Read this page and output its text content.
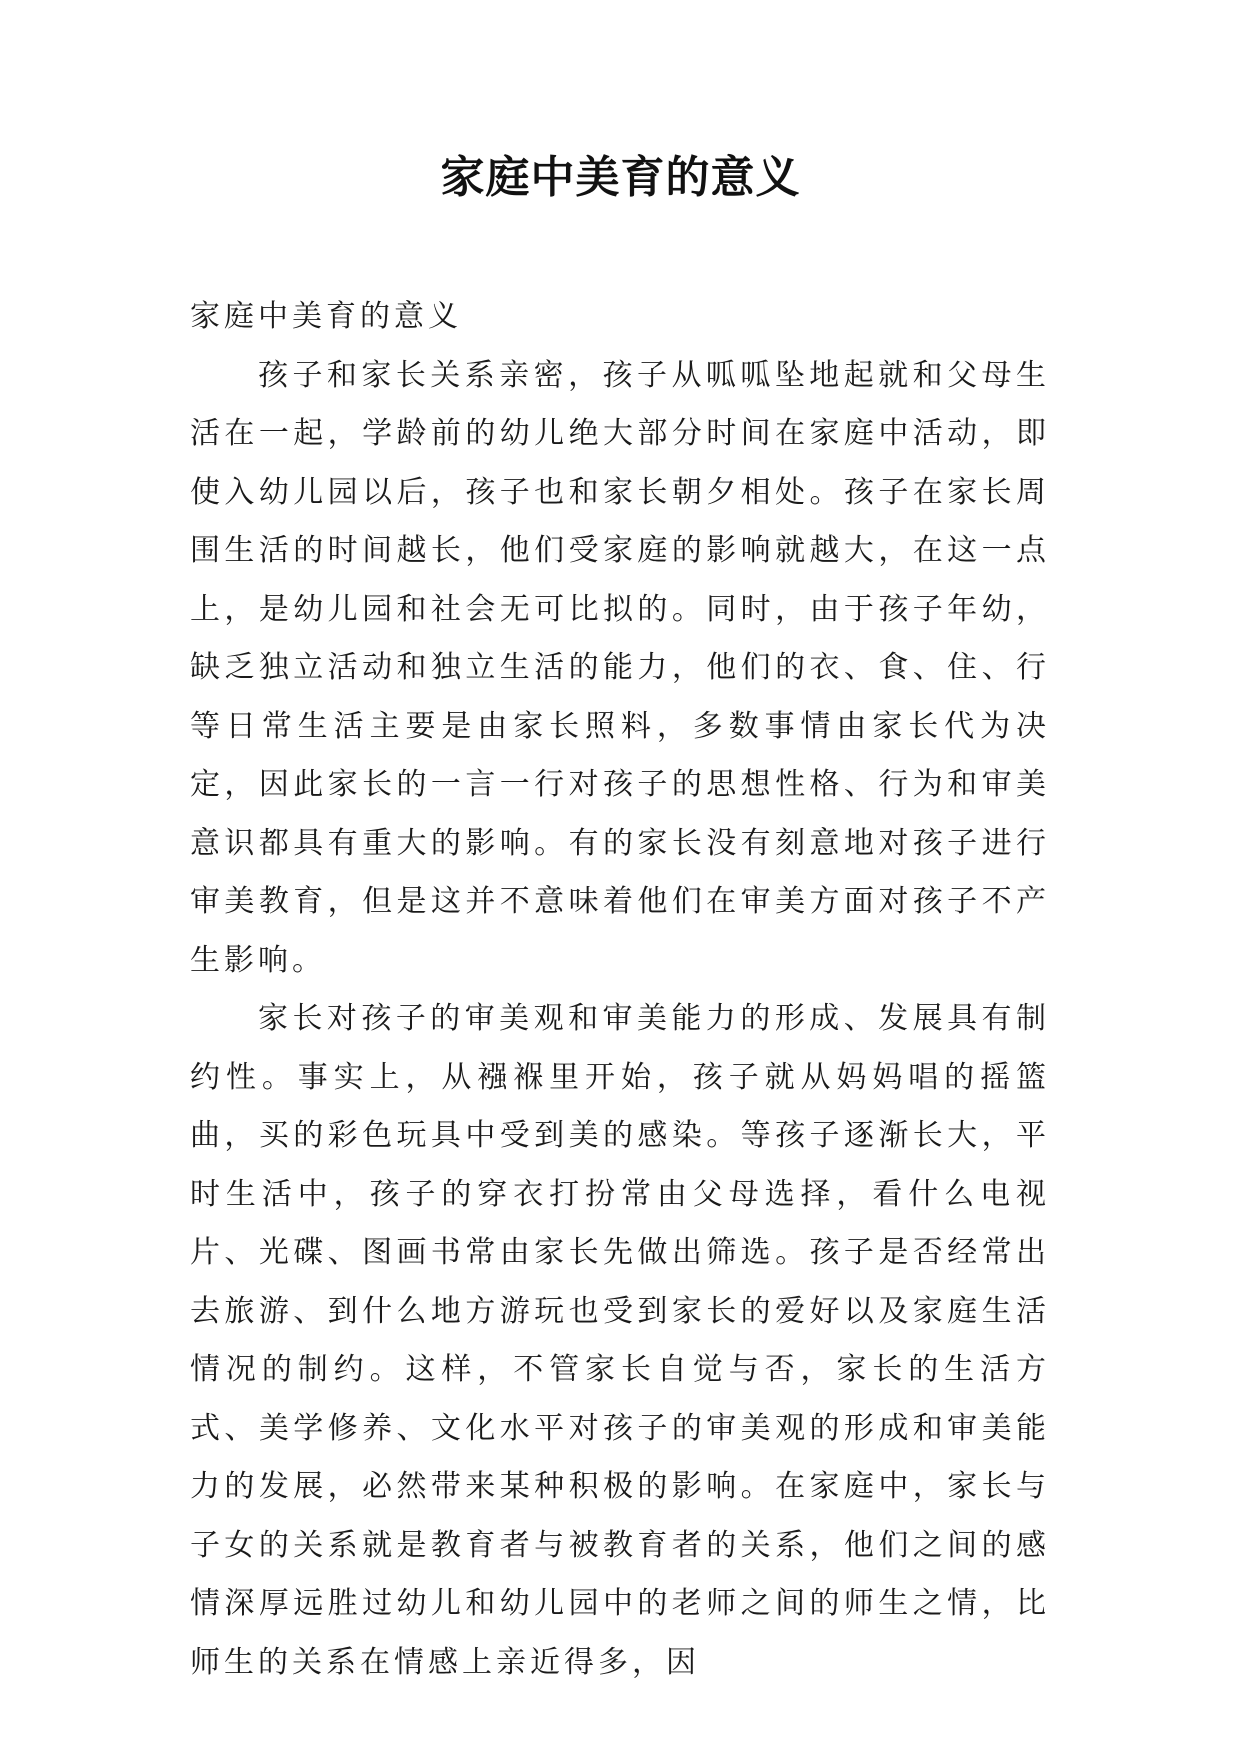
家庭中美育的意义

家庭中美育的意义

孩子和家长关系亲密，孩子从呱呱坠地起就和父母生活在一起，学龄前的幼儿绝大部分时间在家庭中活动，即使入幼儿园以后，孩子也和家长朝夕相处。孩子在家长周围生活的时间越长，他们受家庭的影响就越大，在这一点上，是幼儿园和社会无可比拟的。同时，由于孩子年幼，缺乏独立活动和独立生活的能力，他们的衣、食、住、行等日常生活主要是由家长照料，多数事情由家长代为决定，因此家长的一言一行对孩子的思想性格、行为和审美意识都具有重大的影响。有的家长没有刻意地对孩子进行审美教育，但是这并不意味着他们在审美方面对孩子不产生影响。

家长对孩子的审美观和审美能力的形成、发展具有制约性。事实上，从襁褓里开始，孩子就从妈妈唱的摇篮曲，买的彩色玩具中受到美的感染。等孩子逐渐长大，平时生活中，孩子的穿衣打扮常由父母选择，看什么电视片、光碟、图画书常由家长先做出筛选。孩子是否经常出去旅游、到什么地方游玩也受到家长的爱好以及家庭生活情况的制约。这样，不管家长自觉与否，家长的生活方式、美学修养、文化水平对孩子的审美观的形成和审美能力的发展，必然带来某种积极的影响。在家庭中，家长与子女的关系就是教育者与被教育者的关系，他们之间的感情深厚远胜过幼儿和幼儿园中的老师之间的师生之情，比师生的关系在情感上亲近得多，因
